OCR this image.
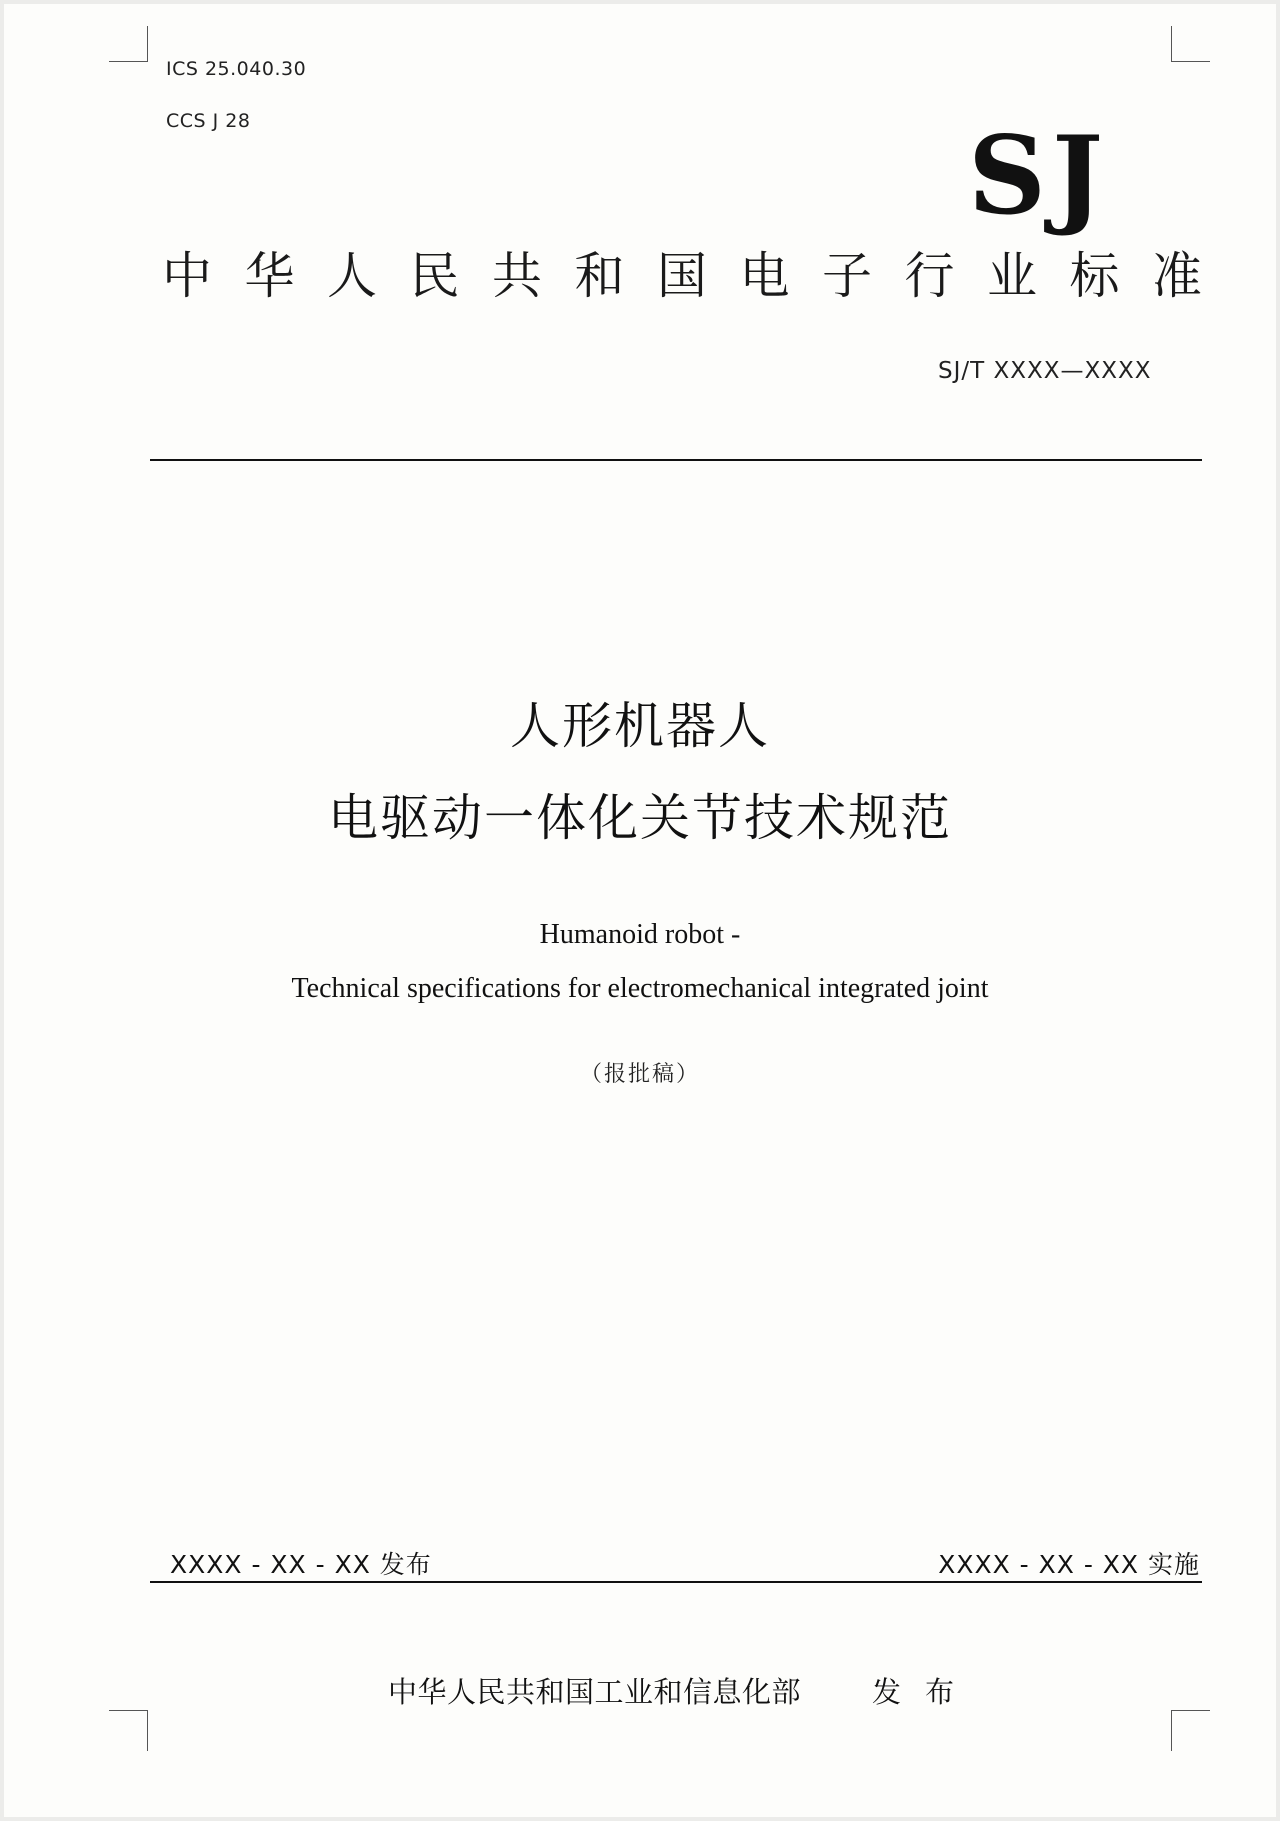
ICS 25.040.30
CCS J 28	SJ
中华人民共和国电子行业标准
SJ/T XXXX—XXXX
人形机器人
电驱动一体化关节技术规范
Humanoid robot -
Technical specifications for electromechanical integrated joint
（报批稿）
XXXX - XX - XX 发布	XXXX - XX - XX 实施
中华人民共和国工业和信息化部 发布
